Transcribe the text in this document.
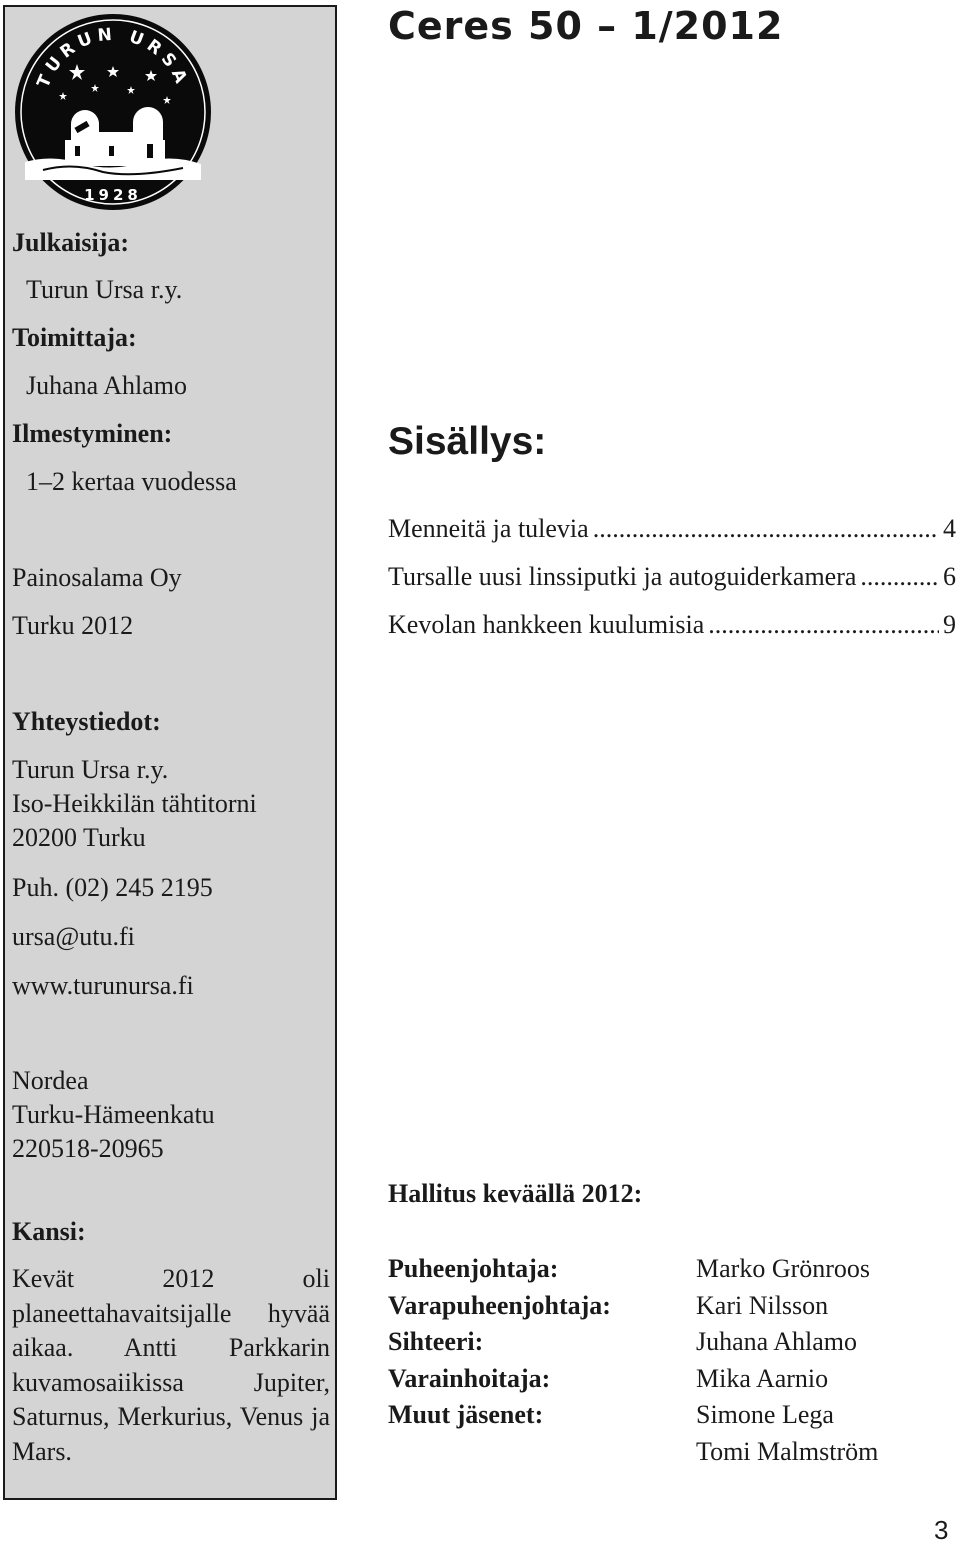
TURUN URSA
1928
Julkaisija:
Turun Ursa r.y.
Toimittaja:
Juhana Ahlamo
Ilmestyminen:
1–2 kertaa vuodessa
Painosalama Oy
Turku 2012
Yhteystiedot:
Turun Ursa r.y.
Iso-Heikkilän tähtitorni
20200 Turku
Puh. (02) 245 2195
ursa@utu.fi
www.turunursa.fi
Nordea
Turku-Hämeenkatu
220518-20965
Kansi:

Kevät 2012 oli planeettahavaitsijalle hyvää aikaa. Antti Parkkarin kuvamosaiikissa Jupiter, Saturnus, Merkurius, Venus ja Mars.

Ceres 50 – 1/2012
Sisällys:
Menneitä ja tulevia .....	4
Tursalle uusi linssiputki ja autoguiderkamera .....	6
Kevolan hankkeen kuulumisia .....	9
Hallitus keväällä 2012:
Puheenjohtaja:	Marko Grönroos
Varapuheenjohtaja:	Kari Nilsson
Sihteeri:	Juhana Ahlamo
Varainhoitaja:	Mika Aarnio
Muut jäsenet:	Simone Lega
Tomi Malmström
3
